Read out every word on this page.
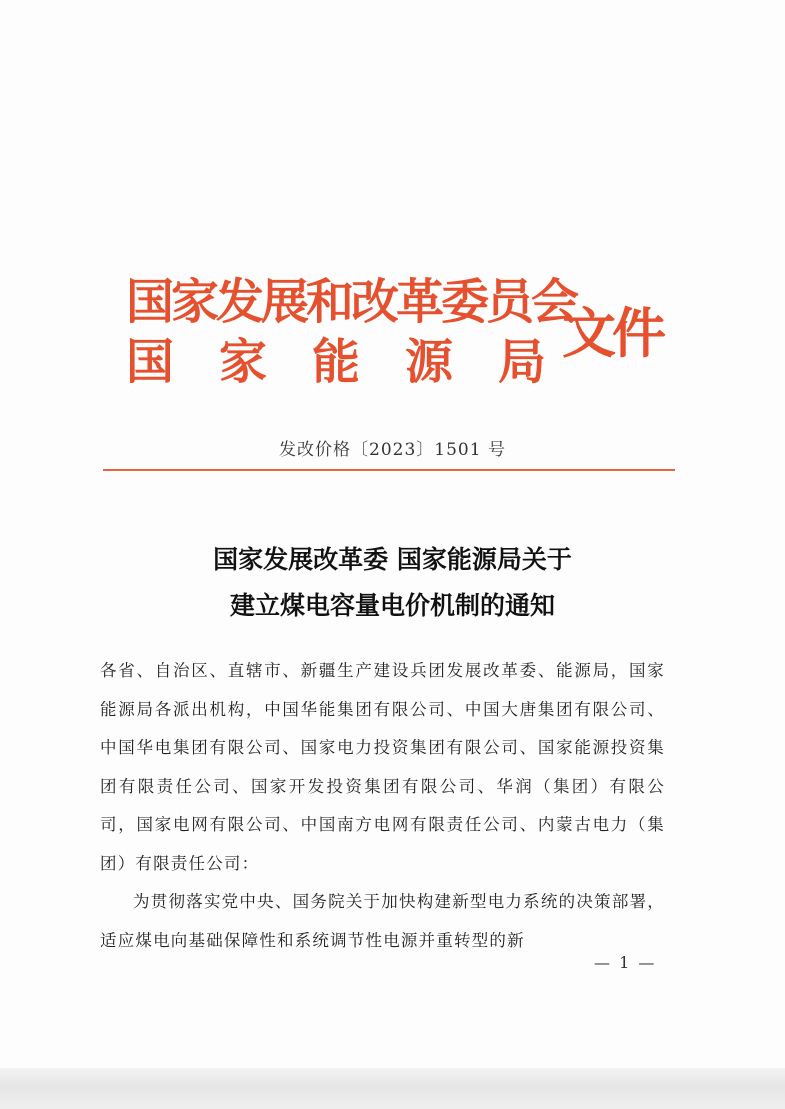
国家发展和改革委员会
国 家 能 源 局 文件
发改价格〔2023〕1501 号
国家发展改革委 国家能源局关于
建立煤电容量电价机制的通知

各省、自治区、直辖市、新疆生产建设兵团发展改革委、能源局，国家能源局各派出机构，中国华能集团有限公司、中国大唐集团有限公司、中国华电集团有限公司、国家电力投资集团有限公司、国家能源投资集团有限责任公司、国家开发投资集团有限公司、华润（集团）有限公司，国家电网有限公司、中国南方电网有限责任公司、内蒙古电力（集团）有限责任公司：

为贯彻落实党中央、国务院关于加快构建新型电力系统的决策部署，适应煤电向基础保障性和系统调节性电源并重转型的新

— 1 —
